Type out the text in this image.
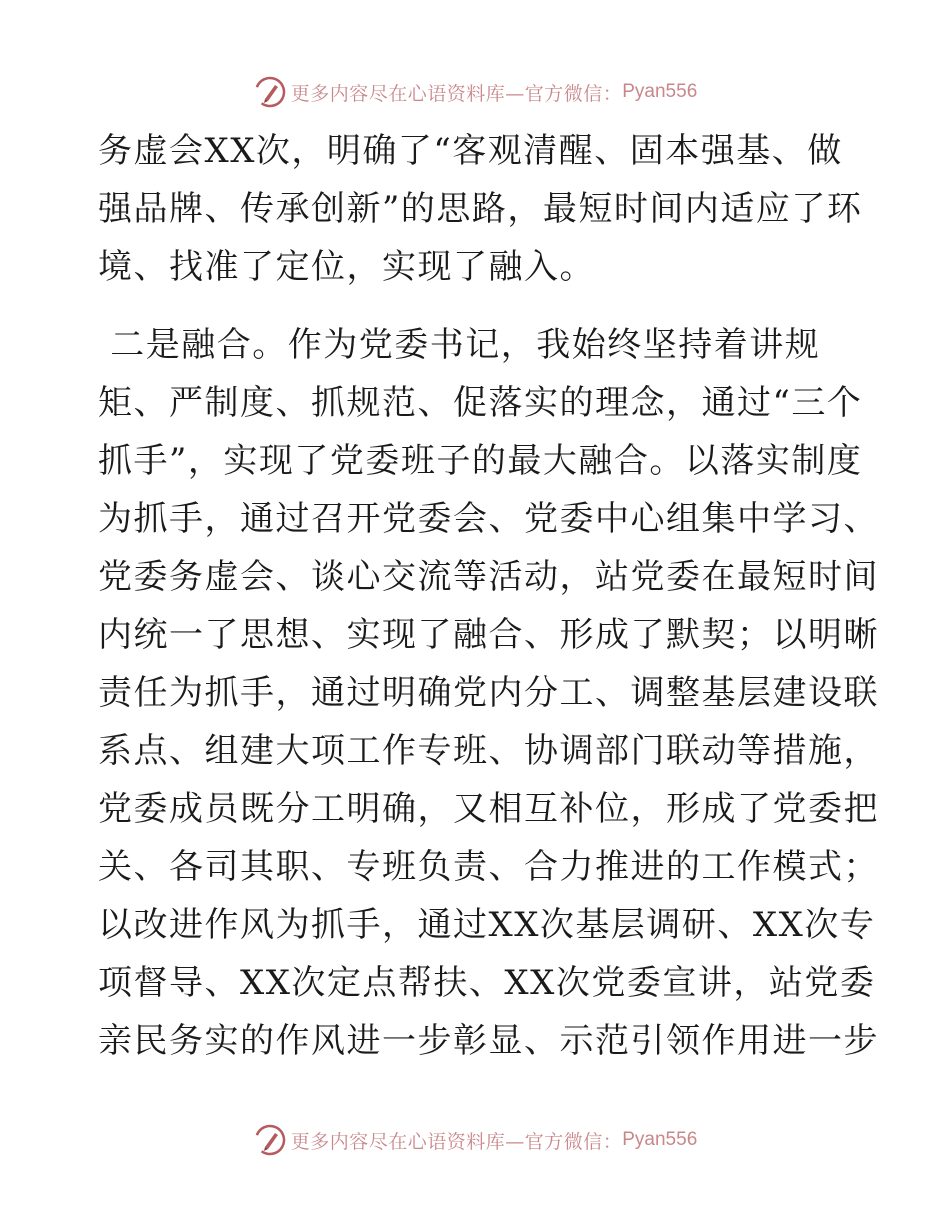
更多内容尽在心语资料库—官方微信： Pyan556
务虚会XX次，明确了“客观清醒、固本强基、做
强品牌、传承创新”的思路，最短时间内适应了环
境、找准了定位，实现了融入。
二是融合。作为党委书记，我始终坚持着讲规
矩、严制度、抓规范、促落实的理念，通过“三个
抓手”，实现了党委班子的最大融合。以落实制度
为抓手，通过召开党委会、党委中心组集中学习、
党委务虚会、谈心交流等活动，站党委在最短时间
内统一了思想、实现了融合、形成了默契；以明晰
责任为抓手，通过明确党内分工、调整基层建设联
系点、组建大项工作专班、协调部门联动等措施，
党委成员既分工明确，又相互补位，形成了党委把
关、各司其职、专班负责、合力推进的工作模式；
以改进作风为抓手，通过XX次基层调研、XX次专
项督导、XX次定点帮扶、XX次党委宣讲，站党委
亲民务实的作风进一步彰显、示范引领作用进一步
更多内容尽在心语资料库—官方微信： Pyan556
